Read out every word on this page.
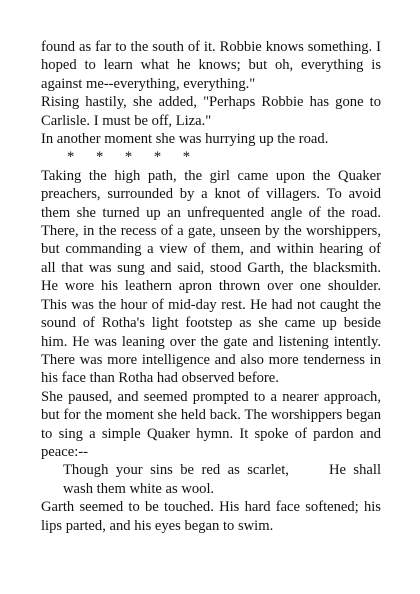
found as far to the south of it. Robbie knows something. I hoped to learn what he knows; but oh, everything is against me--everything, everything."

Rising hastily, she added, "Perhaps Robbie has gone to Carlisle. I must be off, Liza."

In another moment she was hurrying up the road.

* * * * *

Taking the high path, the girl came upon the Quaker preachers, surrounded by a knot of villagers. To avoid them she turned up an unfrequented angle of the road. There, in the recess of a gate, unseen by the worshippers, but commanding a view of them, and within hearing of all that was sung and said, stood Garth, the blacksmith. He wore his leathern apron thrown over one shoulder. This was the hour of mid-day rest. He had not caught the sound of Rotha's light footstep as she came up beside him. He was leaning over the gate and listening intently. There was more intelligence and also more tenderness in his face than Rotha had observed before.

She paused, and seemed prompted to a nearer approach, but for the moment she held back. The worshippers began to sing a simple Quaker hymn. It spoke of pardon and peace:--

Though your sins be red as scarlet,	He shall wash them white as wool.

Garth seemed to be touched. His hard face softened; his lips parted, and his eyes began to swim.
